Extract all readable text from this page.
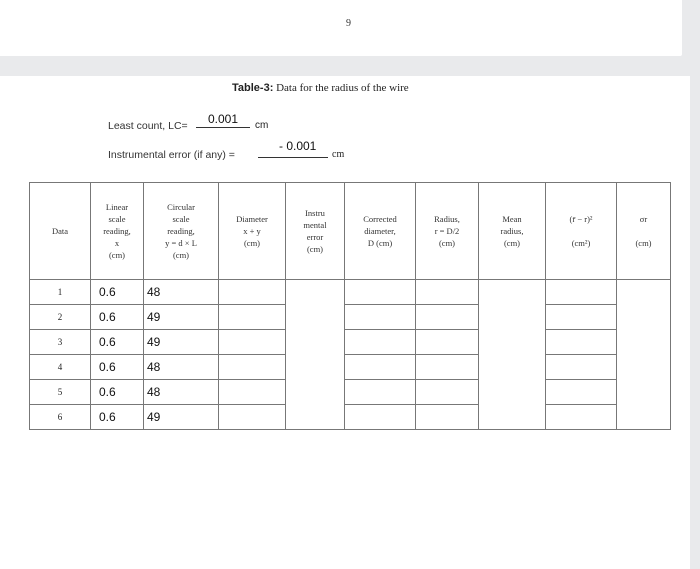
9
Table-3: Data for the radius of the wire
Least count, LC= 0.001 cm
Instrumental error (if any) =
- 0.001
cm
Data	Linear
scale
reading,
x
(cm)	Circular
scale
reading,
y = d × L
(cm)	Diameter
x + y
(cm)	Instru
mental
error
(cm)	Corrected
diameter,
D (cm)	Radius,
r = D/2
(cm)	Mean
radius,
(cm)	(r̄ − r)²

(cm²)	σr

(cm)
1	0.6	48							
2	0.6	49							
3	0.6	49							
4	0.6	48							
5	0.6	48							
6	0.6	49							
